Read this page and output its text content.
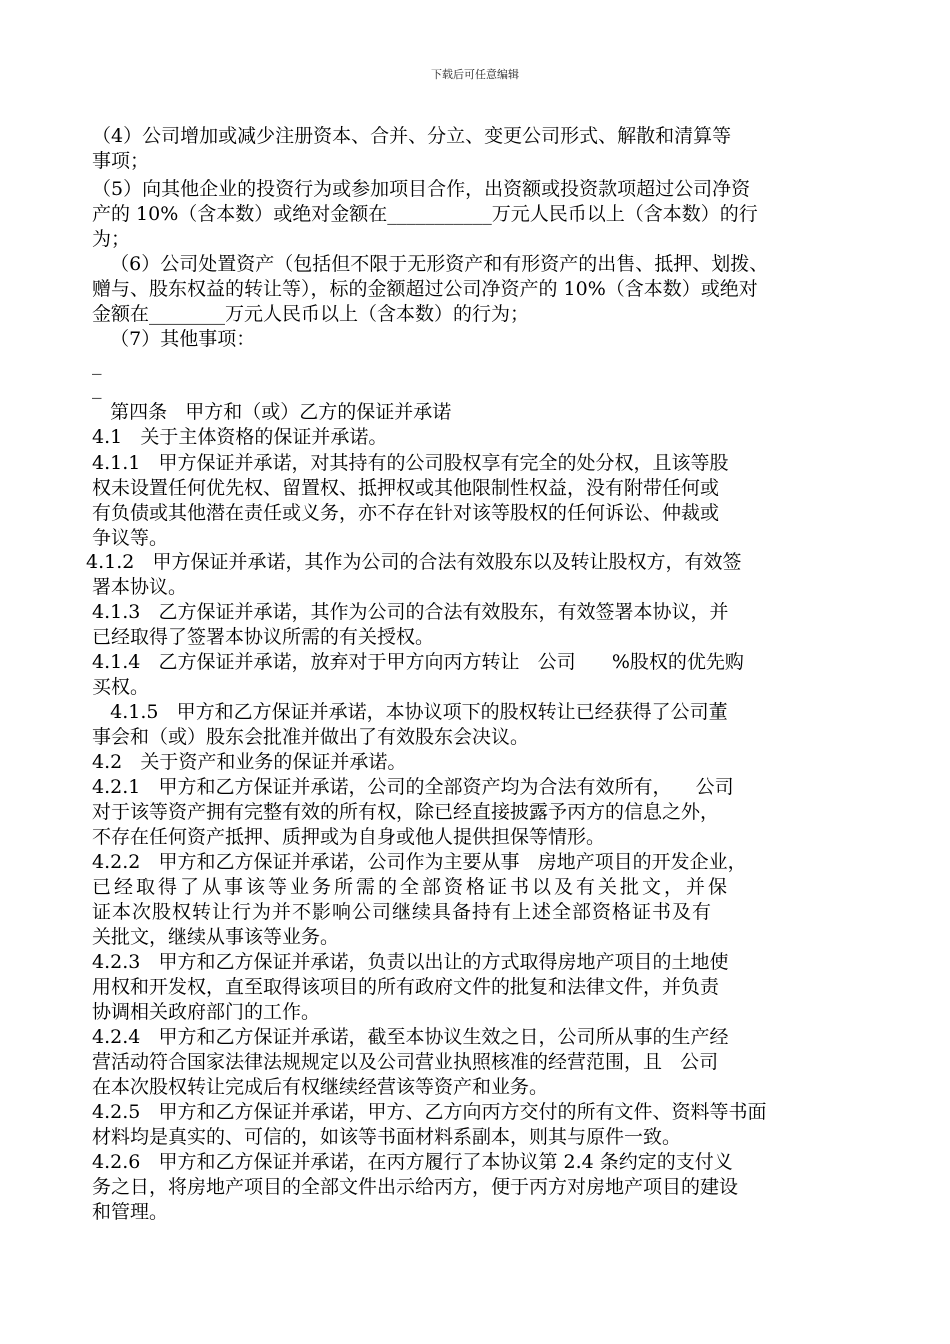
下载后可任意编辑
（4）公司增加或减少注册资本、合并、分立、变更公司形式、解散和清算等
事项；
（5）向其他企业的投资行为或参加项目合作，出资额或投资款项超过公司净资
产的 10%（含本数）或绝对金额在___________万元人民币以上（含本数）的行
为；
（6）公司处置资产（包括但不限于无形资产和有形资产的出售、抵押、划拨、
赠与、股东权益的转让等），标的金额超过公司净资产的 10%（含本数）或绝对
金额在________万元人民币以上（含本数）的行为；
（7）其他事项：
_
_
第四条   甲方和（或）乙方的保证并承诺
4.1   关于主体资格的保证并承诺。
4.1.1   甲方保证并承诺，对其持有的公司股权享有完全的处分权，且该等股
权未设置任何优先权、留置权、抵押权或其他限制性权益，没有附带任何或
有负债或其他潜在责任或义务，亦不存在针对该等股权的任何诉讼、仲裁或
争议等。
4.1.2   甲方保证并承诺，其作为公司的合法有效股东以及转让股权方，有效签
署本协议。
4.1.3   乙方保证并承诺，其作为公司的合法有效股东，有效签署本协议，并
已经取得了签署本协议所需的有关授权。
4.1.4   乙方保证并承诺，放弃对于甲方向丙方转让   公司      %股权的优先购
买权。
4.1.5   甲方和乙方保证并承诺，本协议项下的股权转让已经获得了公司董
事会和（或）股东会批准并做出了有效股东会决议。
4.2   关于资产和业务的保证并承诺。
4.2.1   甲方和乙方保证并承诺，公司的全部资产均为合法有效所有，    公司
对于该等资产拥有完整有效的所有权，除已经直接披露予丙方的信息之外，
不存在任何资产抵押、质押或为自身或他人提供担保等情形。
4.2.2   甲方和乙方保证并承诺，公司作为主要从事   房地产项目的开发企业，
已经取得了从事该等业务所需的全部资格证书以及有关批文，并保
证本次股权转让行为并不影响公司继续具备持有上述全部资格证书及有
关批文，继续从事该等业务。
4.2.3   甲方和乙方保证并承诺，负责以出让的方式取得房地产项目的土地使
用权和开发权，直至取得该项目的所有政府文件的批复和法律文件，并负责
协调相关政府部门的工作。
4.2.4   甲方和乙方保证并承诺，截至本协议生效之日，公司所从事的生产经
营活动符合国家法律法规规定以及公司营业执照核准的经营范围，且   公司
在本次股权转让完成后有权继续经营该等资产和业务。
4.2.5   甲方和乙方保证并承诺，甲方、乙方向丙方交付的所有文件、资料等书面
材料均是真实的、可信的，如该等书面材料系副本，则其与原件一致。
4.2.6   甲方和乙方保证并承诺，在丙方履行了本协议第 2.4 条约定的支付义
务之日，将房地产项目的全部文件出示给丙方，便于丙方对房地产项目的建设
和管理。
